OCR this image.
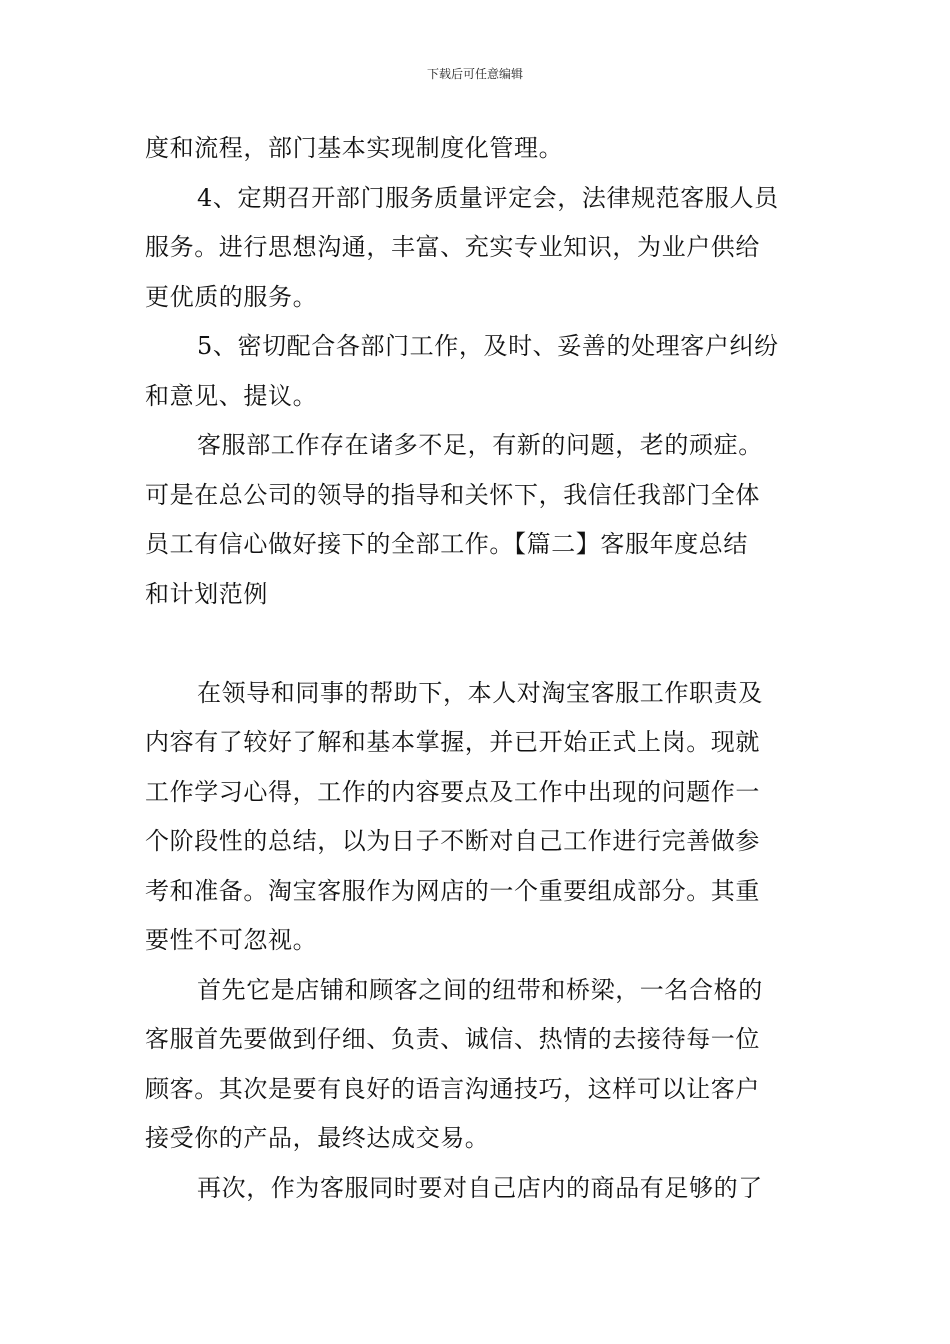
下载后可任意编辑
度和流程，部门基本实现制度化管理。
4、定期召开部门服务质量评定会，法律规范客服人员
服务。进行思想沟通，丰富、充实专业知识，为业户供给
更优质的服务。
5、密切配合各部门工作，及时、妥善的处理客户纠纷
和意见、提议。
客服部工作存在诸多不足，有新的问题，老的顽症。
可是在总公司的领导的指导和关怀下，我信任我部门全体
员工有信心做好接下的全部工作。【篇二】客服年度总结
和计划范例
在领导和同事的帮助下，本人对淘宝客服工作职责及
内容有了较好了解和基本掌握，并已开始正式上岗。现就
工作学习心得，工作的内容要点及工作中出现的问题作一
个阶段性的总结，以为日子不断对自己工作进行完善做参
考和准备。淘宝客服作为网店的一个重要组成部分。其重
要性不可忽视。
首先它是店铺和顾客之间的纽带和桥梁，一名合格的
客服首先要做到仔细、负责、诚信、热情的去接待每一位
顾客。其次是要有良好的语言沟通技巧，这样可以让客户
接受你的产品，最终达成交易。
再次，作为客服同时要对自己店内的商品有足够的了
